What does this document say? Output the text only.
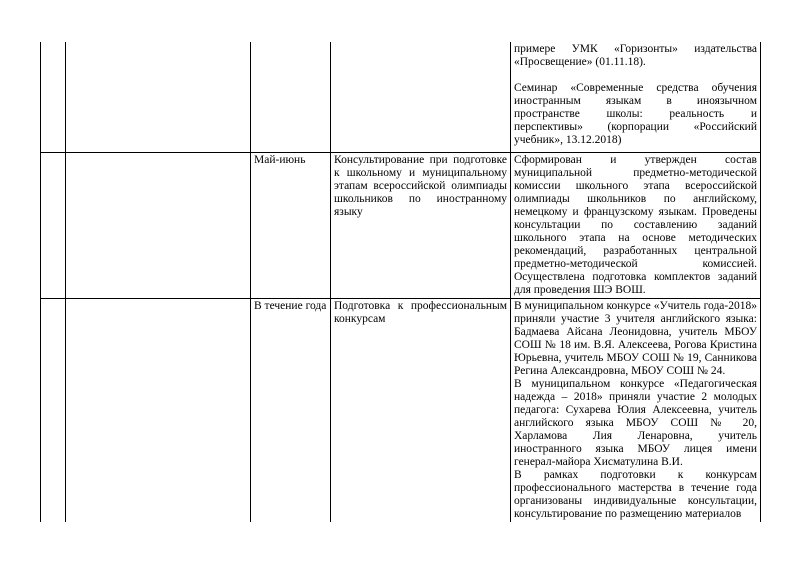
				примере УМК «Горизонты» издательства «Просвещение» (01.11.18).

Семинар «Современные средства обучения иностранным языкам в иноязычном пространстве школы: реальность и перспективы» (корпорации «Российский учебник», 13.12.2018)

		Май-июнь	Консультирование при подготовке к школьному и муниципальному этапам всероссийской олимпиады школьников по иностранному языку	Сформирован и утвержден состав муниципальной предметно-методической комиссии школьного этапа всероссийской олимпиады школьников по английскому, немецкому и французскому языкам. Проведены консультации по составлению заданий школьного этапа на основе методических рекомендаций, разработанных центральной предметно-методической комиссией. Осуществлена подготовка комплектов заданий для проведения ШЭ ВОШ.

		В течение года	Подготовка к профессиональным конкурсам	В муниципальном конкурсе «Учитель года-2018» приняли участие 3 учителя английского языка: Бадмаева Айсана Леонидовна, учитель МБОУ СОШ № 18 им. В.Я. Алексеева, Рогова Кристина Юрьевна, учитель МБОУ СОШ № 19, Санникова Регина Александровна, МБОУ СОШ № 24.

В муниципальном конкурсе «Педагогическая надежда – 2018» приняли участие 2 молодых педагога: Сухарева Юлия Алексеевна, учитель английского языка МБОУ СОШ № 20, Харламова Лия Ленаровна, учитель иностранного языка МБОУ лицея имени генерал-майора Хисматулина В.И.

В рамках подготовки к конкурсам профессионального мастерства в течение года организованы индивидуальные консультации, консультирование по размещению материалов
